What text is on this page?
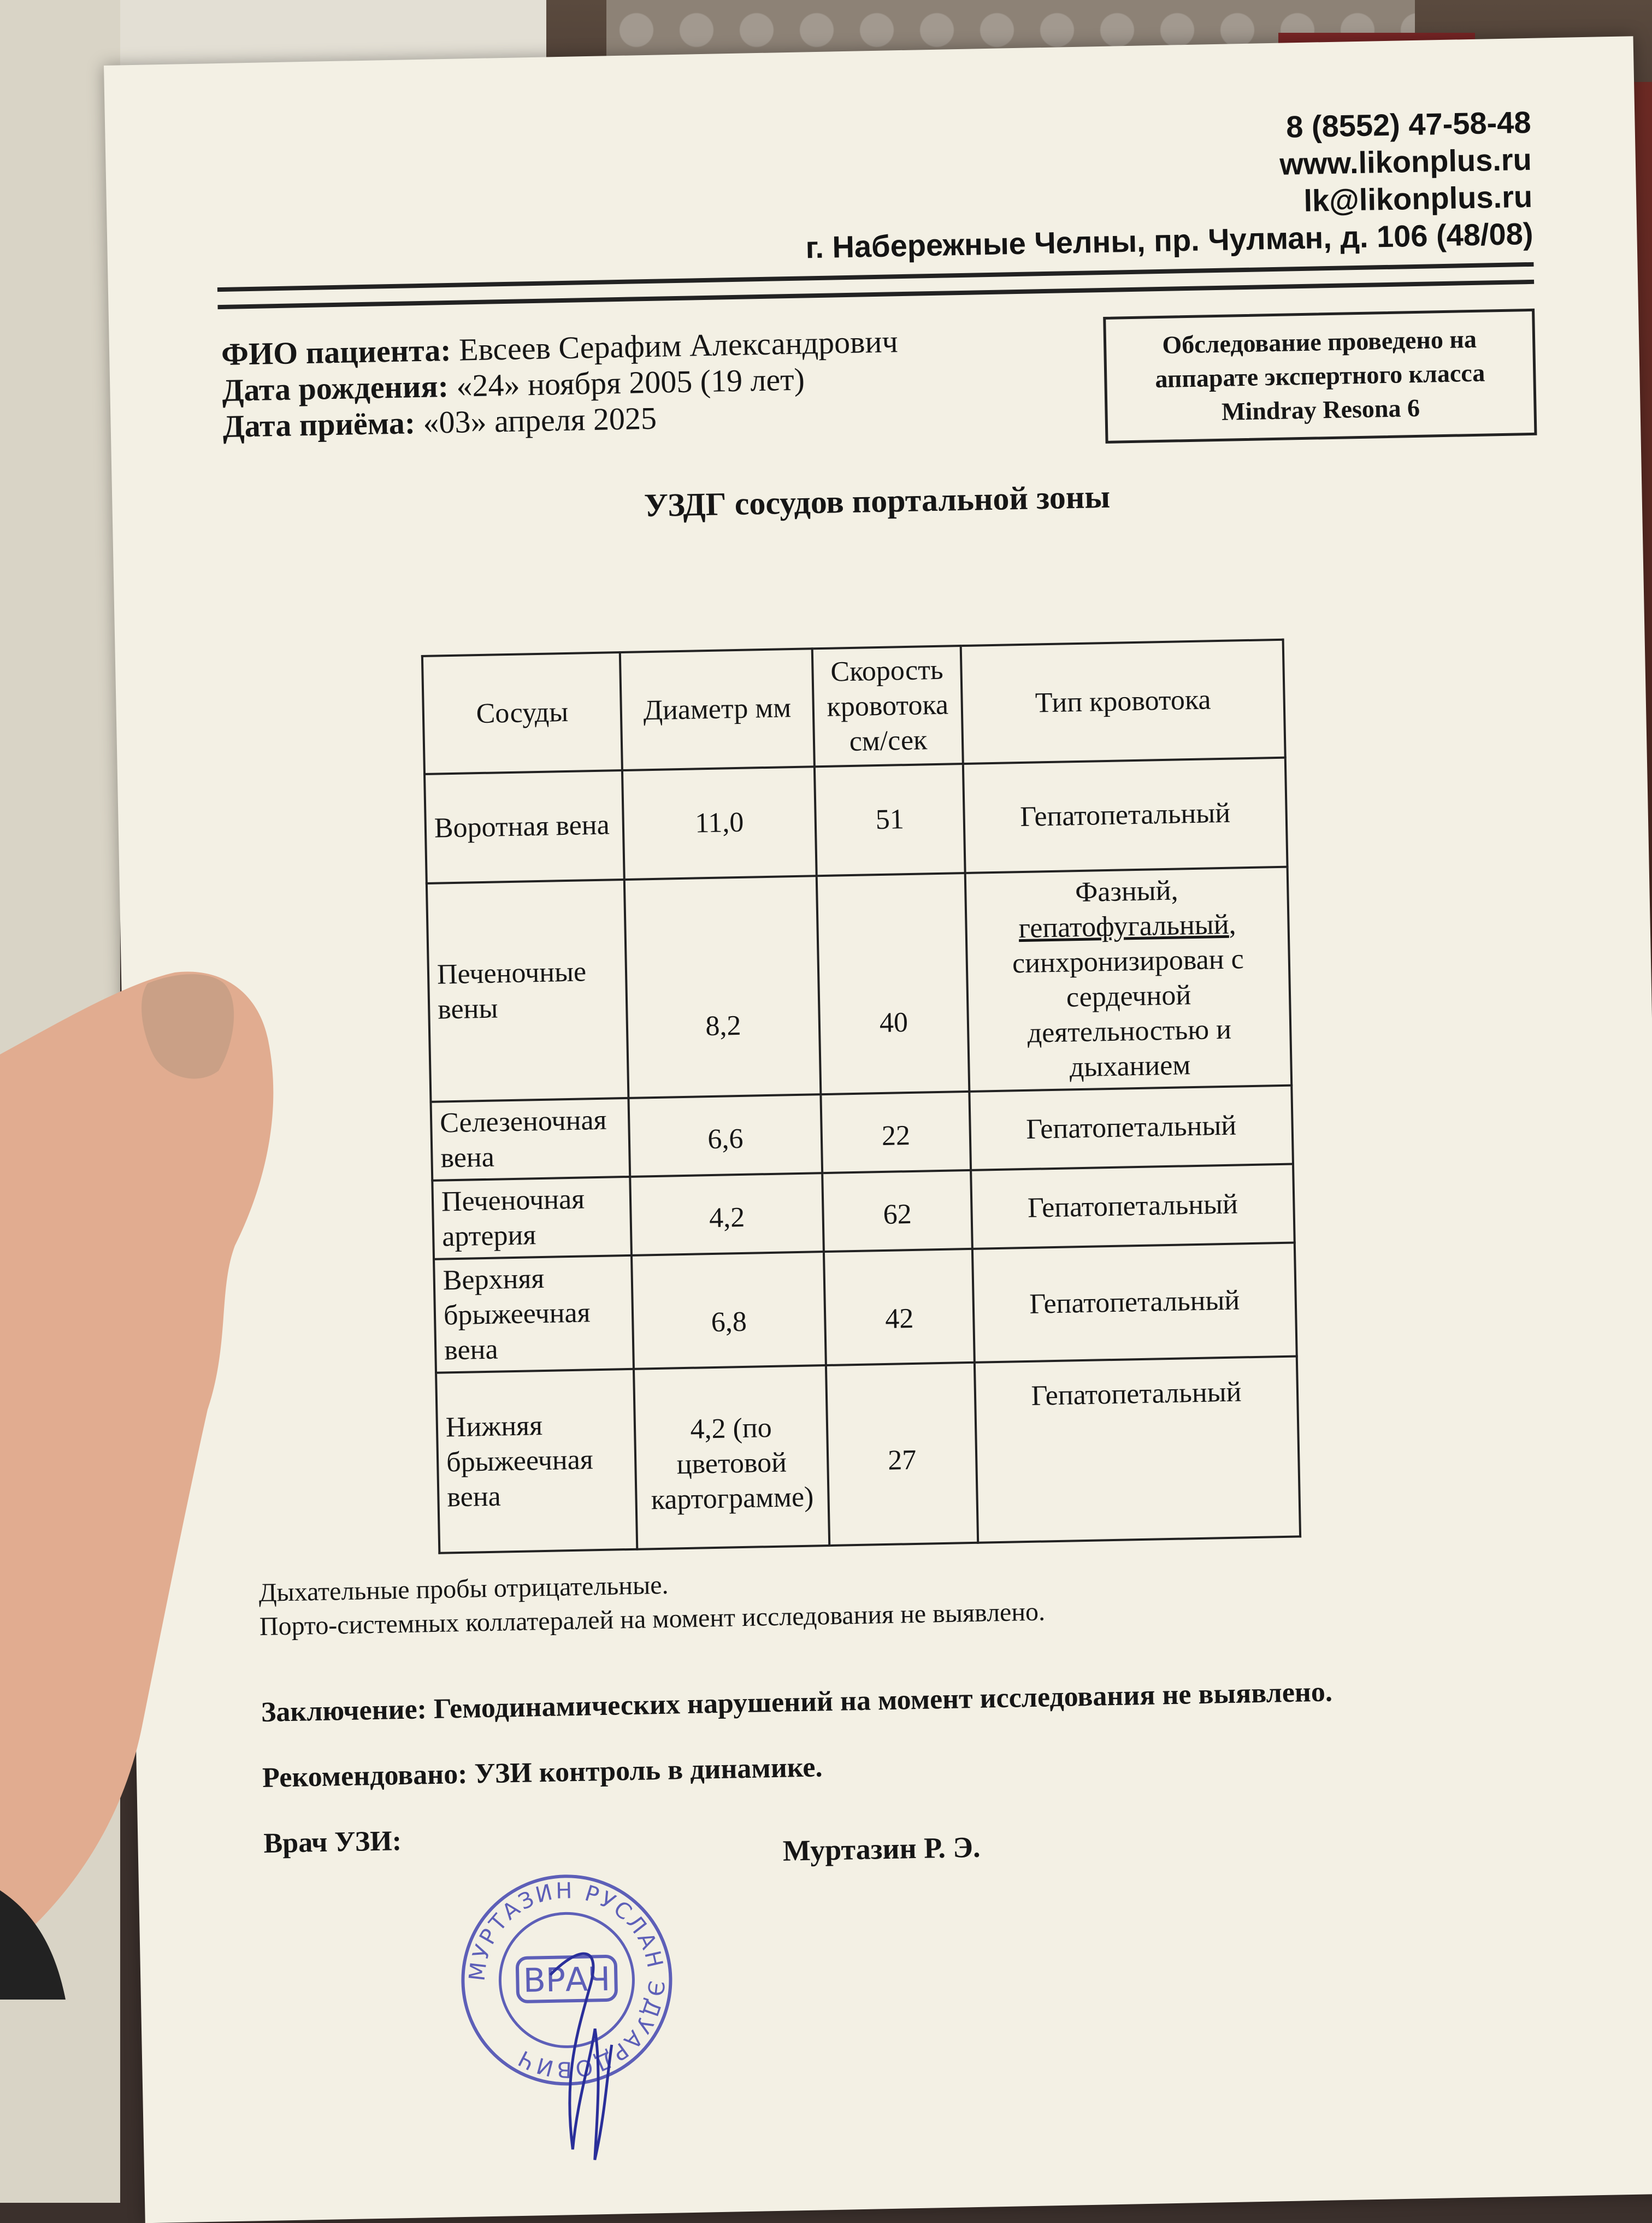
8 (8552) 47-58-48
www.likonplus.ru
lk@likonplus.ru
г. Набережные Челны, пр. Чулман, д. 106 (48/08)
ФИО пациента: Евсеев Серафим Александрович
Дата рождения: «24» ноября 2005 (19 лет)
Дата приёма: «03» апреля 2025
Обследование проведено на
аппарате экспертного класса
Mindray Resona 6
УЗДГ сосудов портальной зоны
Сосуды	Диаметр мм	Скорость кровотока см/сек	Тип кровотока
Воротная вена	11,0	51	Гепатопетальный
Печеночные вены	8,2	40	Фазный,
гепатофугальный, синхронизирован с сердечной деятельностью и дыханием
Селезеночная вена	6,6	22	Гепатопетальный
Печеночная артерия	4,2	62	Гепатопетальный
Верхняя брыжеечная вена	6,8	42	Гепатопетальный
Нижняя брыжеечная вена	4,2 (по цветовой картограмме)	27	Гепатопетальный
Дыхательные пробы отрицательные.
Порто-системных коллатералей на момент исследования не выявлено.
Заключение: Гемодинамических нарушений на момент исследования не выявлено.
Рекомендовано: УЗИ контроль в динамике.
Врач УЗИ:	Муртазин Р. Э.
МУРТАЗИН РУСЛАН ЭДУАРДОВИЧ
ВРАЧ
